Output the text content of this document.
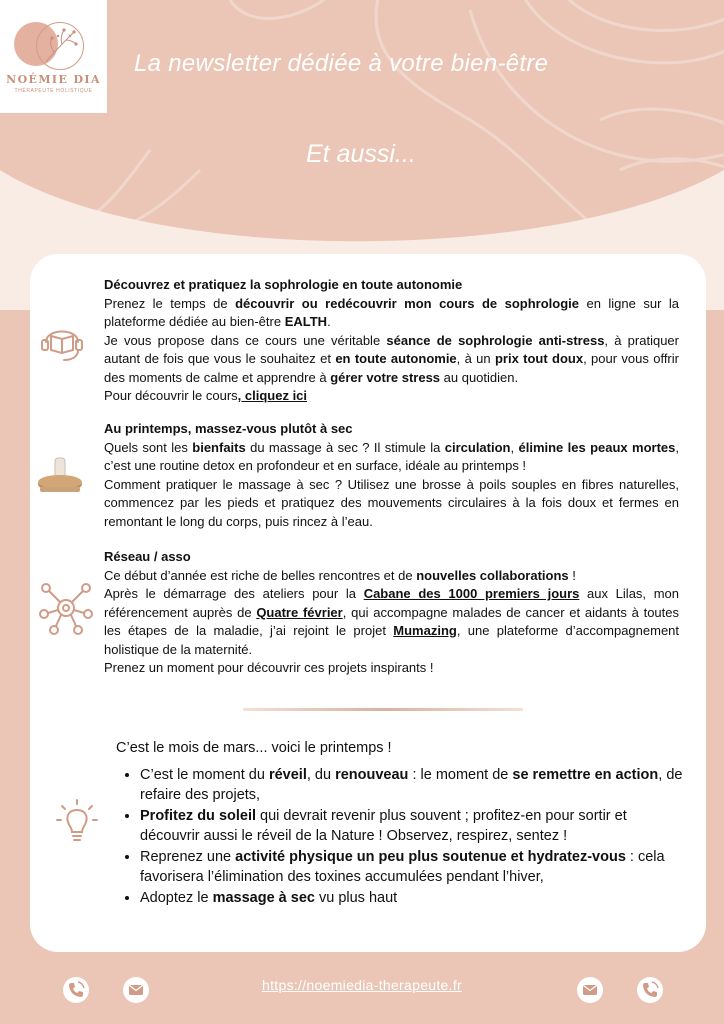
NOÉMIE DIA
THÉRAPEUTE HOLISTIQUE
La newsletter dédiée à votre bien-être
Et aussi...
Découvrez et pratiquez la sophrologie en toute autonomie

Prenez le temps de découvrir ou redécouvrir mon cours de sophrologie en ligne sur la plateforme dédiée au bien-être EALTH.

Je vous propose dans ce cours une véritable séance de sophrologie anti-stress, à pratiquer autant de fois que vous le souhaitez et en toute autonomie, à un prix tout doux, pour vous offrir des moments de calme et apprendre à gérer votre stress au quotidien.

Pour découvrir le cours, cliquez ici

Au printemps, massez-vous plutôt à sec

Quels sont les bienfaits du massage à sec ? Il stimule la circulation, élimine les peaux mortes, c’est une routine detox en profondeur et en surface, idéale au printemps !

Comment pratiquer le massage à sec ? Utilisez une brosse à poils souples en fibres naturelles, commencez par les pieds et pratiquez des mouvements circulaires à la fois doux et fermes en remontant le long du corps, puis rincez à l’eau.

Réseau / asso

Ce début d’année est riche de belles rencontres et de nouvelles collaborations !

Après le démarrage des ateliers pour la Cabane des 1000 premiers jours aux Lilas, mon référencement auprès de Quatre février, qui accompagne malades de cancer et aidants à toutes les étapes de la maladie, j’ai rejoint le projet Mumazing, une plateforme d’accompagnement holistique de la maternité.

Prenez un moment pour découvrir ces projets inspirants !

C’est le mois de mars... voici le printemps !

• C’est le moment du réveil, du renouveau : le moment de se remettre en action, de refaire des projets,
• Profitez du soleil qui devrait revenir plus souvent ; profitez-en pour sortir et découvrir aussi le réveil de la Nature ! Observez, respirez, sentez !
• Reprenez une activité physique un peu plus soutenue et hydratez-vous : cela favorisera l’élimination des toxines accumulées pendant l’hiver,
• Adoptez le massage à sec vu plus haut
https://noemiedia-therapeute.fr
